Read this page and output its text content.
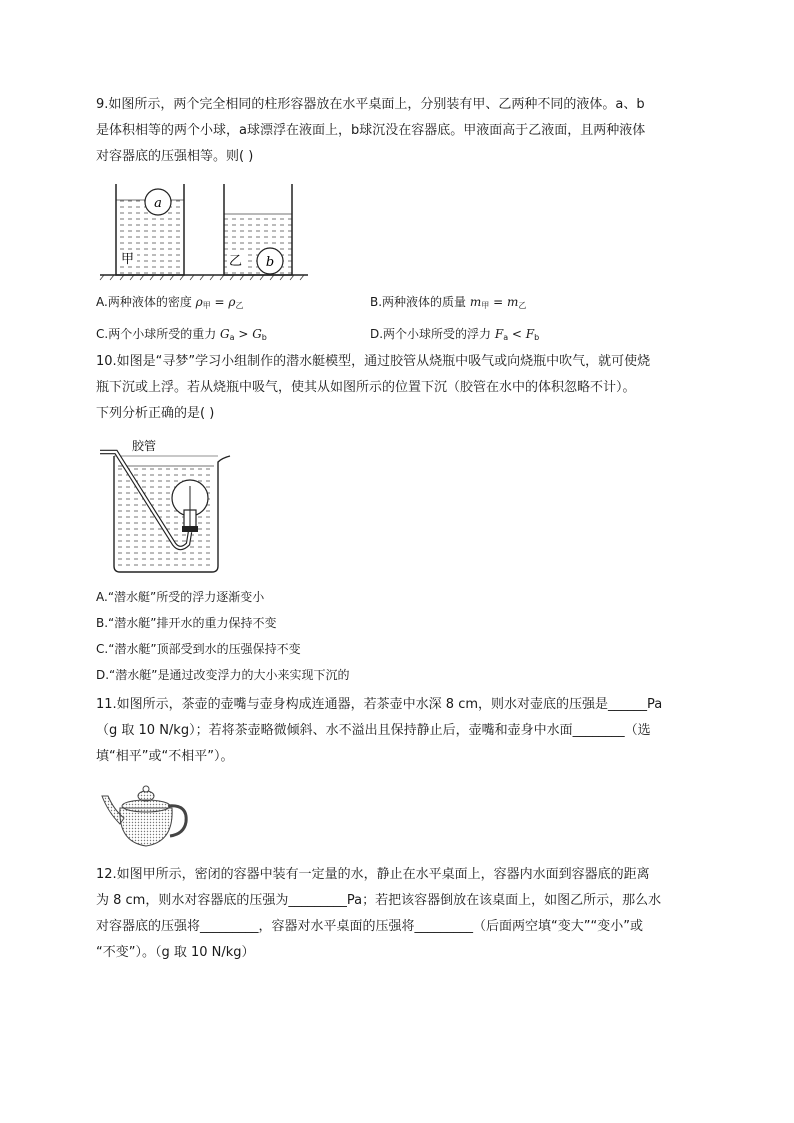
9.如图所示，两个完全相同的柱形容器放在水平桌面上，分别装有甲、乙两种不同的液体。a、b
是体积相等的两个小球，a球漂浮在液面上，b球沉没在容器底。甲液面高于乙液面，且两种液体
对容器底的压强相等。则( )
a
甲	b
乙
A.两种液体的密度 $\rho_甲 = \rho_乙$	B.两种液体的质量 $m_甲 = m_乙$
C.两个小球所受的重力 $G_a > G_b$	D.两个小球所受的浮力 $F_a < F_b$
10.如图是“寻梦”学习小组制作的潜水艇模型，通过胶管从烧瓶中吸气或向烧瓶中吹气，就可使烧
瓶下沉或上浮。若从烧瓶中吸气，使其从如图所示的位置下沉（胶管在水中的体积忽略不计）。
下列分析正确的是( )
胶管
A.“潜水艇”所受的浮力逐渐变小
B.“潜水艇”排开水的重力保持不变
C.“潜水艇”顶部受到水的压强保持不变
D.“潜水艇”是通过改变浮力的大小来实现下沉的
11.如图所示，茶壶的壶嘴与壶身构成连通器，若茶壶中水深 8 cm，则水对壶底的压强是______Pa
（g 取 10 N/kg）；若将茶壶略微倾斜、水不溢出且保持静止后，壶嘴和壶身中水面________（选
填“相平”或“不相平”）。
12.如图甲所示，密闭的容器中装有一定量的水，静止在水平桌面上，容器内水面到容器底的距离
为 8 cm，则水对容器底的压强为_________Pa；若把该容器倒放在该桌面上，如图乙所示，那么水
对容器底的压强将_________，容器对水平桌面的压强将_________（后面两空填“变大”“变小”或
“不变”）。（g 取 10 N/kg）
